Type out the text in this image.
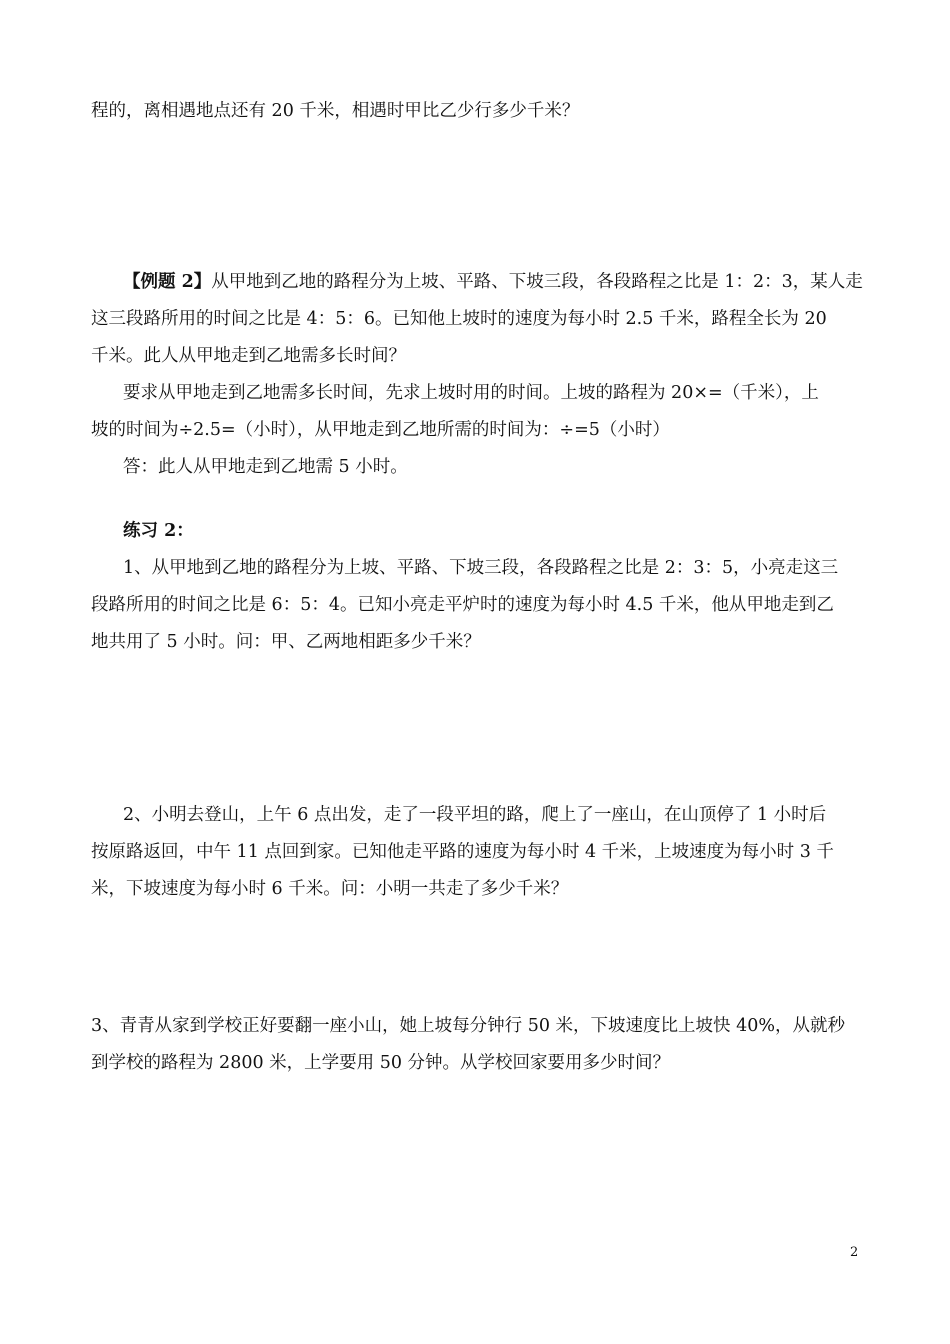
程的，离相遇地点还有 20 千米，相遇时甲比乙少行多少千米？
【例题 2】从甲地到乙地的路程分为上坡、平路、下坡三段，各段路程之比是 1：2：3，某人走
这三段路所用的时间之比是 4：5：6。已知他上坡时的速度为每小时 2.5 千米，路程全长为 20
千米。此人从甲地走到乙地需多长时间？
要求从甲地走到乙地需多长时间，先求上坡时用的时间。上坡的路程为 20×=（千米），上
坡的时间为÷2.5=（小时），从甲地走到乙地所需的时间为：÷=5（小时）
答：此人从甲地走到乙地需 5 小时。
练习 2：
1、从甲地到乙地的路程分为上坡、平路、下坡三段，各段路程之比是 2：3：5，小亮走这三
段路所用的时间之比是 6：5：4。已知小亮走平炉时的速度为每小时 4.5 千米，他从甲地走到乙
地共用了 5 小时。问：甲、乙两地相距多少千米？
2、小明去登山，上午 6 点出发，走了一段平坦的路，爬上了一座山，在山顶停了 1 小时后
按原路返回，中午 11 点回到家。已知他走平路的速度为每小时 4 千米，上坡速度为每小时 3 千
米，下坡速度为每小时 6 千米。问：小明一共走了多少千米？
3、青青从家到学校正好要翻一座小山，她上坡每分钟行 50 米，下坡速度比上坡快 40%，从就秒
到学校的路程为 2800 米，上学要用 50 分钟。从学校回家要用多少时间？
2
